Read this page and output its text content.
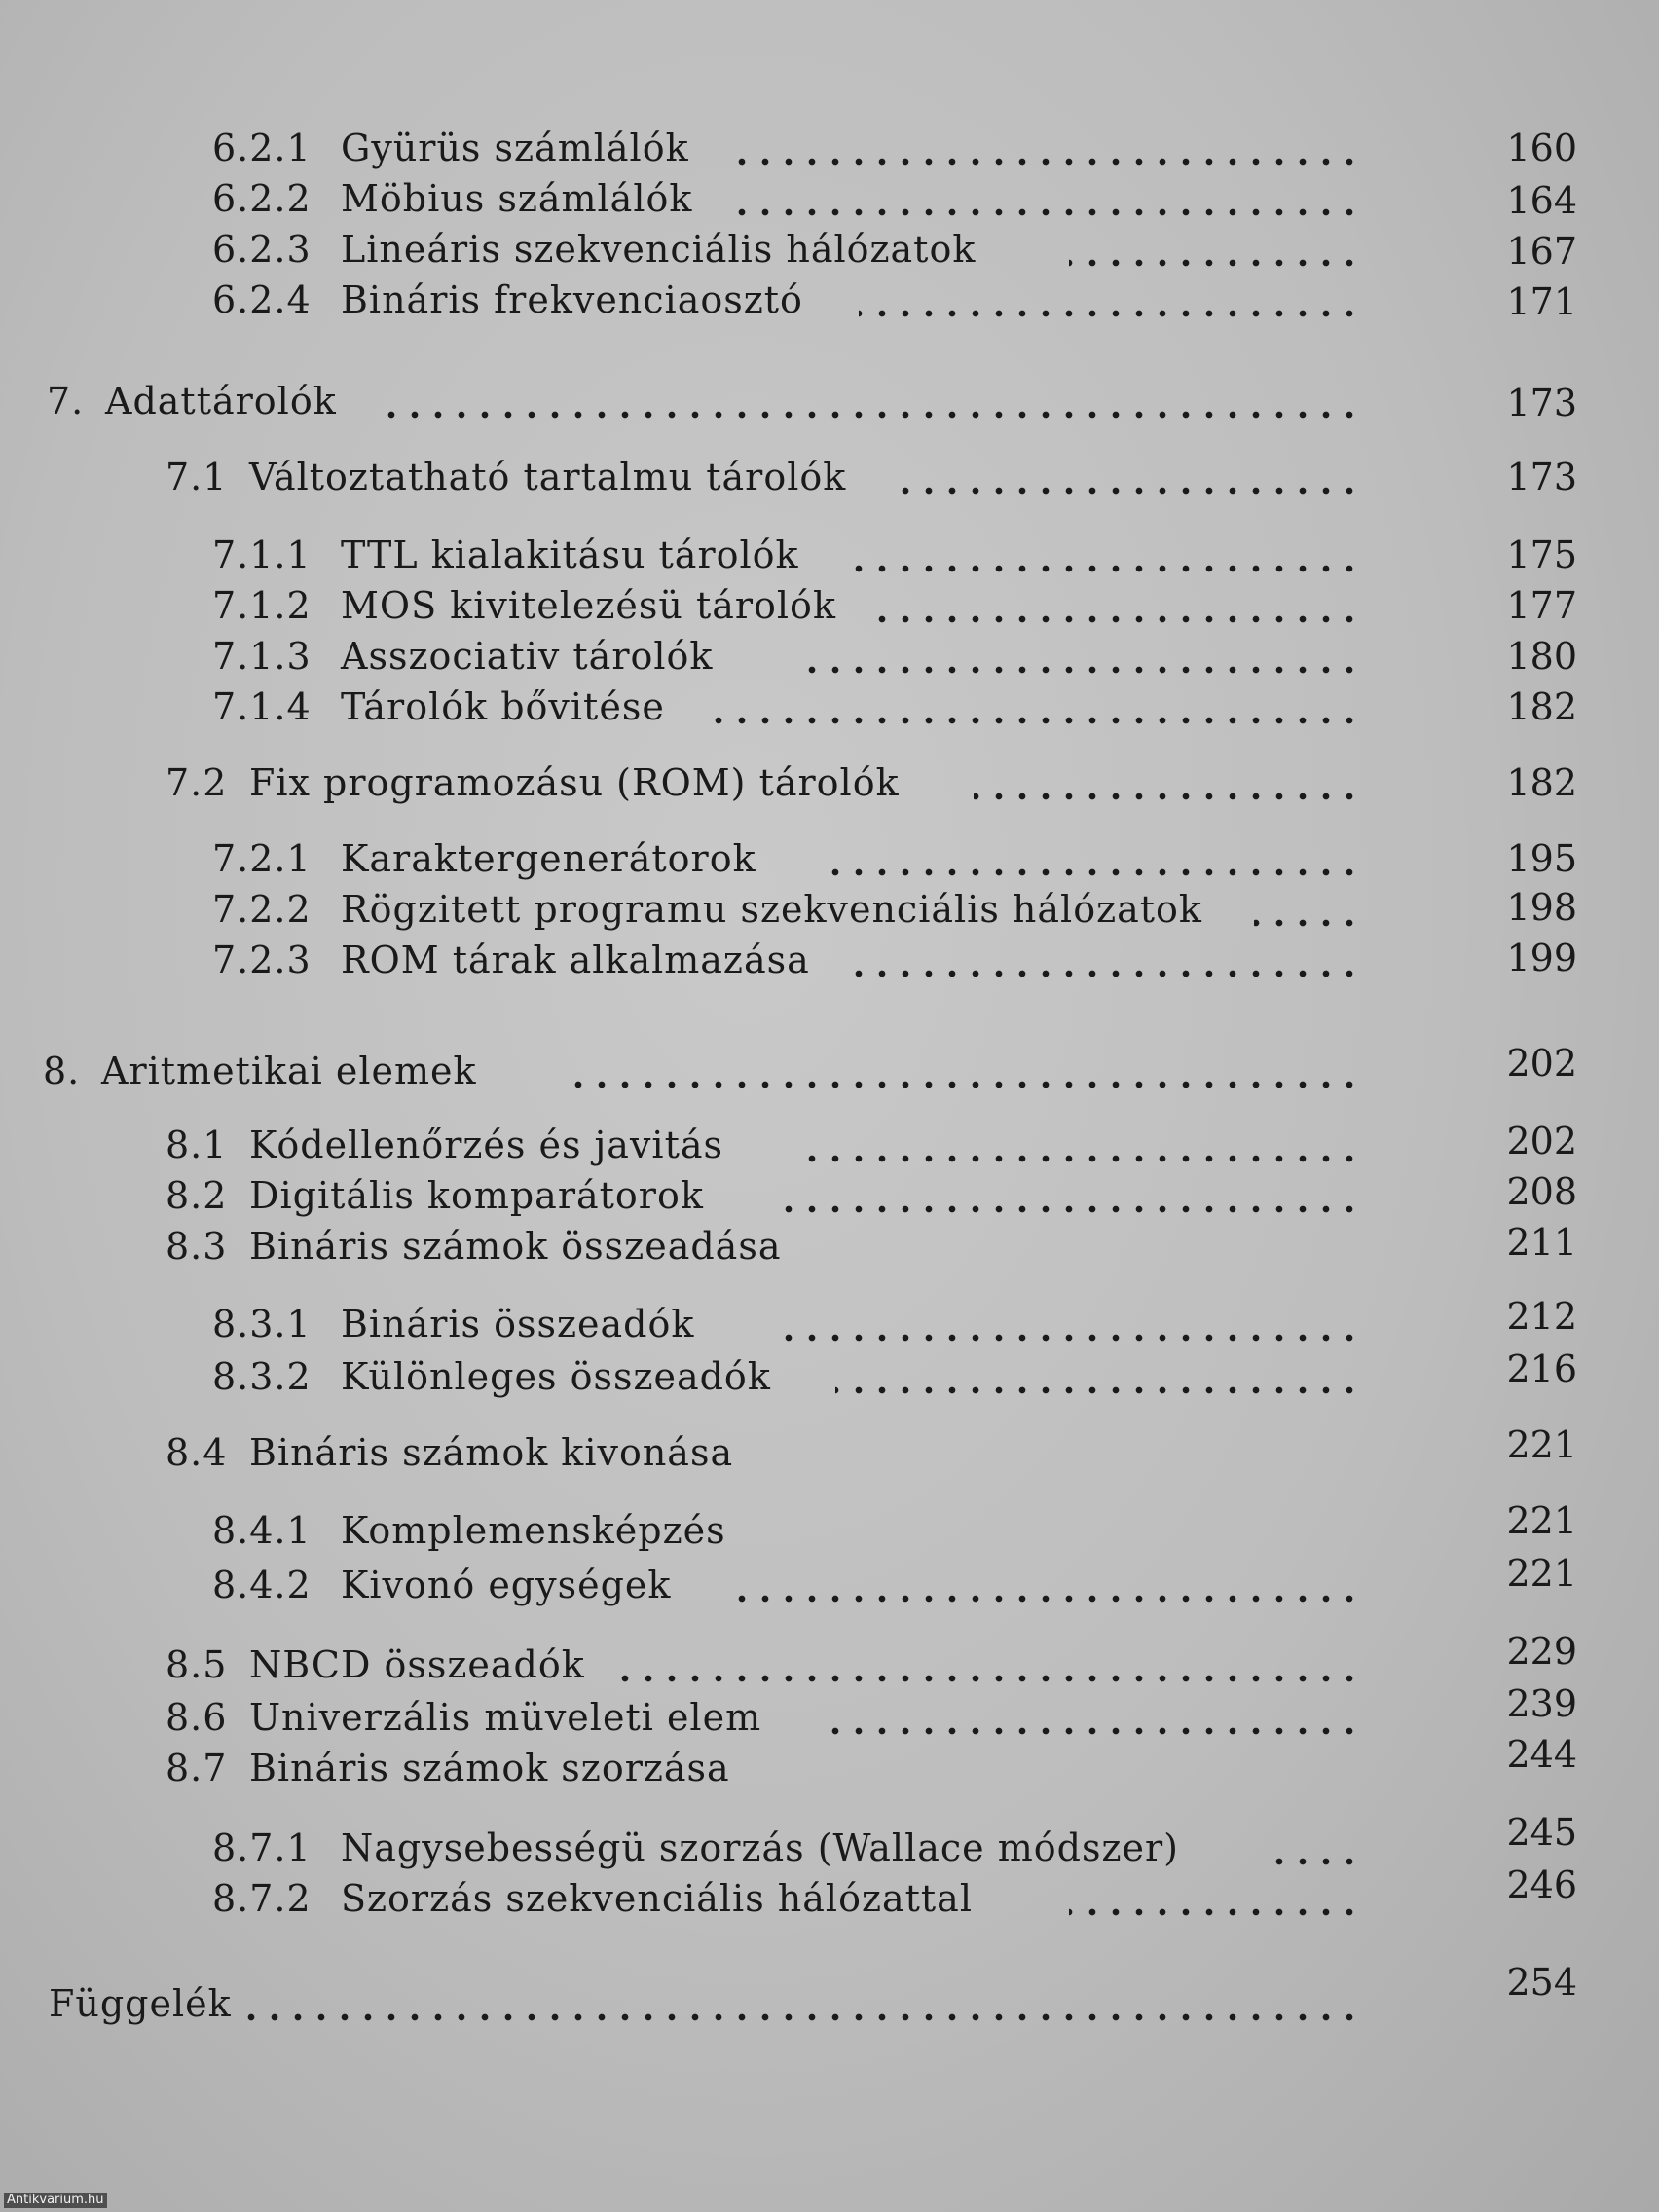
6.2.1 Gyürüs számlálók	160
6.2.2 Möbius számlálók	164
6.2.3 Lineáris szekvenciális hálózatok	167
6.2.4 Bináris frekvenciaosztó	171
7. Adattárolók	173
7.1 Változtatható tartalmu tárolók	173
7.1.1 TTL kialakitásu tárolók	175
7.1.2 MOS kivitelezésü tárolók	177
7.1.3 Asszociativ tárolók	180
7.1.4 Tárolók bővitése	182
7.2 Fix programozásu (ROM) tárolók	182
7.2.1 Karaktergenerátorok	195
7.2.2 Rögzitett programu szekvenciális hálózatok	198
7.2.3 ROM tárak alkalmazása	199
8. Aritmetikai elemek	202
8.1 Kódellenőrzés és javitás	202
8.2 Digitális komparátorok	208
8.3 Bináris számok összeadása	211
8.3.1 Bináris összeadók	212
8.3.2 Különleges összeadók	216
8.4 Bináris számok kivonása	221
8.4.1 Komplemensképzés	221
8.4.2 Kivonó egységek	221
8.5 NBCD összeadók	229
8.6 Univerzális müveleti elem	239
8.7 Bináris számok szorzása	244
8.7.1 Nagysebességü szorzás (Wallace módszer)	245
8.7.2 Szorzás szekvenciális hálózattal	246
Függelék	254
Antikvarium.hu
